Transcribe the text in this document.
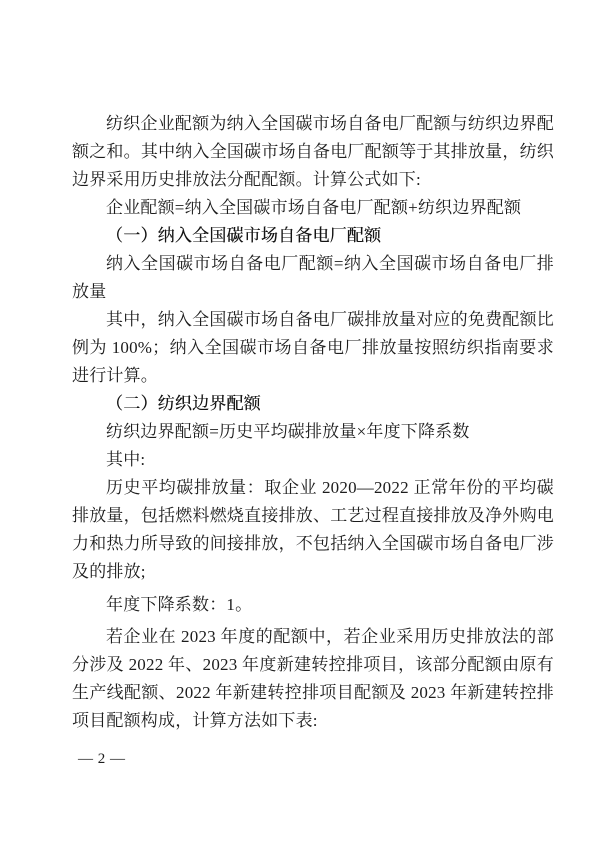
纺织企业配额为纳入全国碳市场自备电厂配额与纺织边界配额之和。其中纳入全国碳市场自备电厂配额等于其排放量，纺织边界采用历史排放法分配配额。计算公式如下:

企业配额=纳入全国碳市场自备电厂配额+纺织边界配额

（一）纳入全国碳市场自备电厂配额

纳入全国碳市场自备电厂配额=纳入全国碳市场自备电厂排放量

其中，纳入全国碳市场自备电厂碳排放量对应的免费配额比例为 100%；纳入全国碳市场自备电厂排放量按照纺织指南要求进行计算。

（二）纺织边界配额

纺织边界配额=历史平均碳排放量×年度下降系数

其中:

历史平均碳排放量：取企业 2020—2022 正常年份的平均碳排放量，包括燃料燃烧直接排放、工艺过程直接排放及净外购电力和热力所导致的间接排放，不包括纳入全国碳市场自备电厂涉及的排放;

年度下降系数：1。

若企业在 2023 年度的配额中，若企业采用历史排放法的部分涉及 2022 年、2023 年度新建转控排项目，该部分配额由原有生产线配额、2022 年新建转控排项目配额及 2023 年新建转控排项目配额构成，计算方法如下表:

— 2 —
